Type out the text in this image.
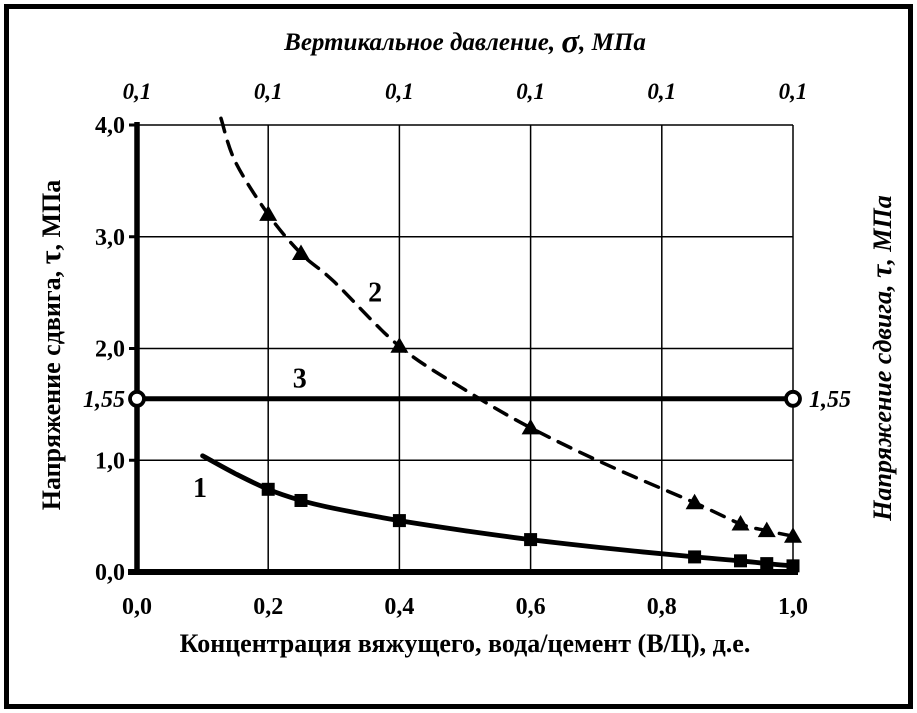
Вертикальное давление, σ, МПа
Напряжение сдвига, τ, МПа
Напряжение сдвига, τ, МПа
Концентрация вяжущего, вода/цемент (В/Ц), д.е.
4,0
3,0
2,0
1,55
1,0
0,0
0,0	0,2	0,4	0,6	0,8	1,0
0,1	0,1	0,1	0,1	0,1	0,1
1
2
3
1,55
